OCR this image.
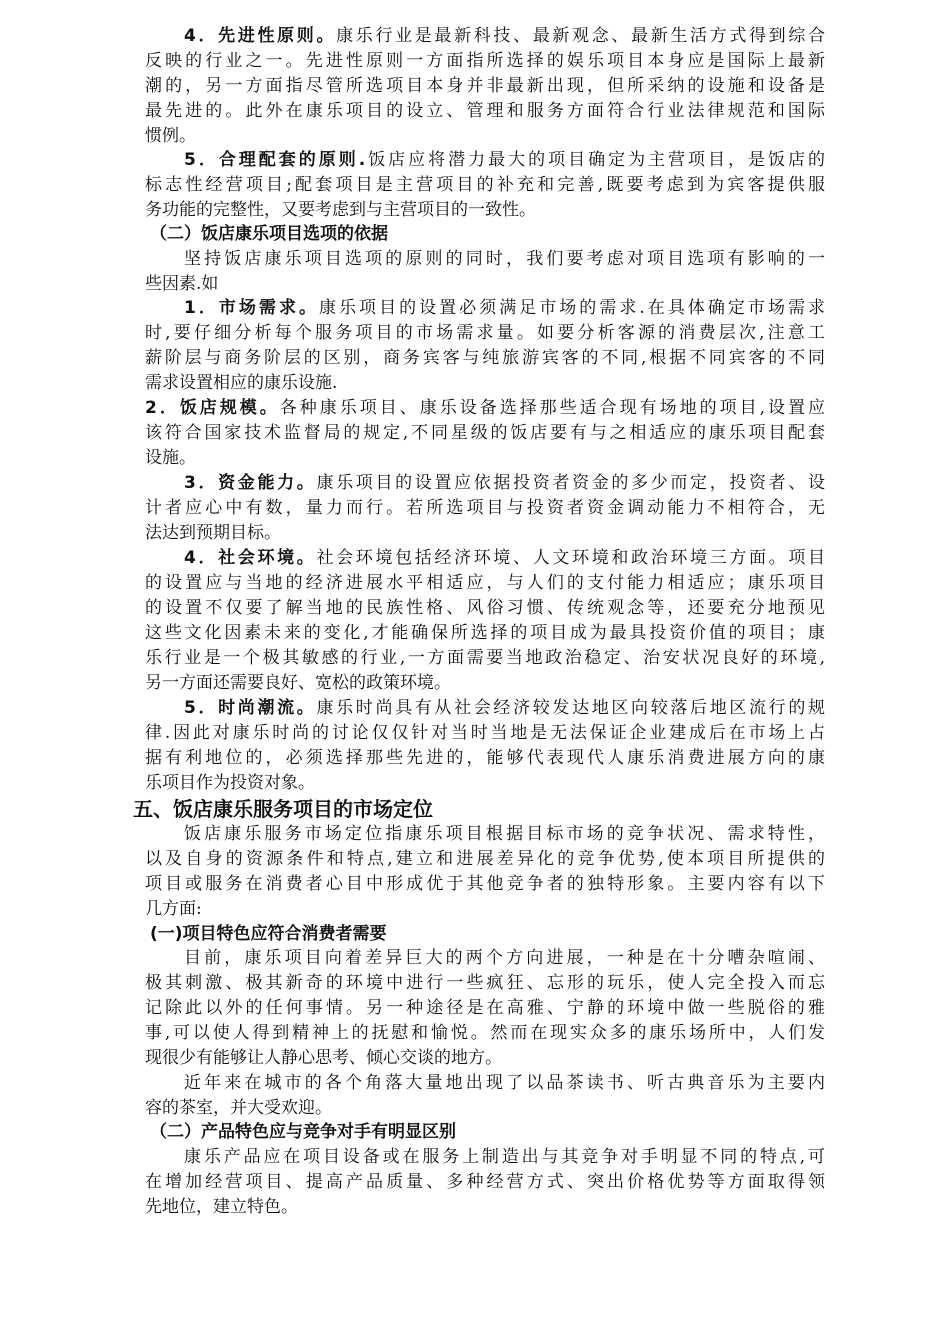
4．先进性原则。康乐行业是最新科技、最新观念、最新生活方式得到综合
反映的行业之一。先进性原则一方面指所选择的娱乐项目本身应是国际上最新
潮的，另一方面指尽管所选项目本身并非最新出现，但所采纳的设施和设备是
最先进的。此外在康乐项目的设立、管理和服务方面符合行业法律规范和国际
惯例。
5．合理配套的原则.饭店应将潜力最大的项目确定为主营项目，是饭店的
标志性经营项目;配套项目是主营项目的补充和完善,既要考虑到为宾客提供服
务功能的完整性，又要考虑到与主营项目的一致性。
（二）饭店康乐项目选项的依据
坚持饭店康乐项目选项的原则的同时，我们要考虑对项目选项有影响的一
些因素.如
1．市场需求。康乐项目的设置必须满足市场的需求.在具体确定市场需求
时,要仔细分析每个服务项目的市场需求量。如要分析客源的消费层次,注意工
薪阶层与商务阶层的区别，商务宾客与纯旅游宾客的不同,根据不同宾客的不同
需求设置相应的康乐设施.
2．饭店规模。各种康乐项目、康乐设备选择那些适合现有场地的项目,设置应
该符合国家技术监督局的规定,不同星级的饭店要有与之相适应的康乐项目配套
设施。
3．资金能力。康乐项目的设置应依据投资者资金的多少而定，投资者、设
计者应心中有数，量力而行。若所选项目与投资者资金调动能力不相符合，无
法达到预期目标。
4．社会环境。社会环境包括经济环境、人文环境和政治环境三方面。项目
的设置应与当地的经济进展水平相适应，与人们的支付能力相适应；康乐项目
的设置不仅要了解当地的民族性格、风俗习惯、传统观念等，还要充分地预见
这些文化因素未来的变化,才能确保所选择的项目成为最具投资价值的项目；康
乐行业是一个极其敏感的行业,一方面需要当地政治稳定、治安状况良好的环境,
另一方面还需要良好、宽松的政策环境。
5．时尚潮流。康乐时尚具有从社会经济较发达地区向较落后地区流行的规
律.因此对康乐时尚的讨论仅仅针对当时当地是无法保证企业建成后在市场上占
据有利地位的，必须选择那些先进的，能够代表现代人康乐消费进展方向的康
乐项目作为投资对象。
五、饭店康乐服务项目的市场定位
饭店康乐服务市场定位指康乐项目根据目标市场的竞争状况、需求特性，
以及自身的资源条件和特点,建立和进展差异化的竞争优势,使本项目所提供的
项目或服务在消费者心目中形成优于其他竞争者的独特形象。主要内容有以下
几方面:
(一)项目特色应符合消费者需要
目前，康乐项目向着差异巨大的两个方向进展，一种是在十分嘈杂喧闹、
极其刺激、极其新奇的环境中进行一些疯狂、忘形的玩乐，使人完全投入而忘
记除此以外的任何事情。另一种途径是在高雅、宁静的环境中做一些脱俗的雅
事,可以使人得到精神上的抚慰和愉悦。然而在现实众多的康乐场所中，人们发
现很少有能够让人静心思考、倾心交谈的地方。
近年来在城市的各个角落大量地出现了以品茶读书、听古典音乐为主要内
容的茶室，并大受欢迎。
（二）产品特色应与竞争对手有明显区别
康乐产品应在项目设备或在服务上制造出与其竞争对手明显不同的特点,可
在增加经营项目、提高产品质量、多种经营方式、突出价格优势等方面取得领
先地位，建立特色。
